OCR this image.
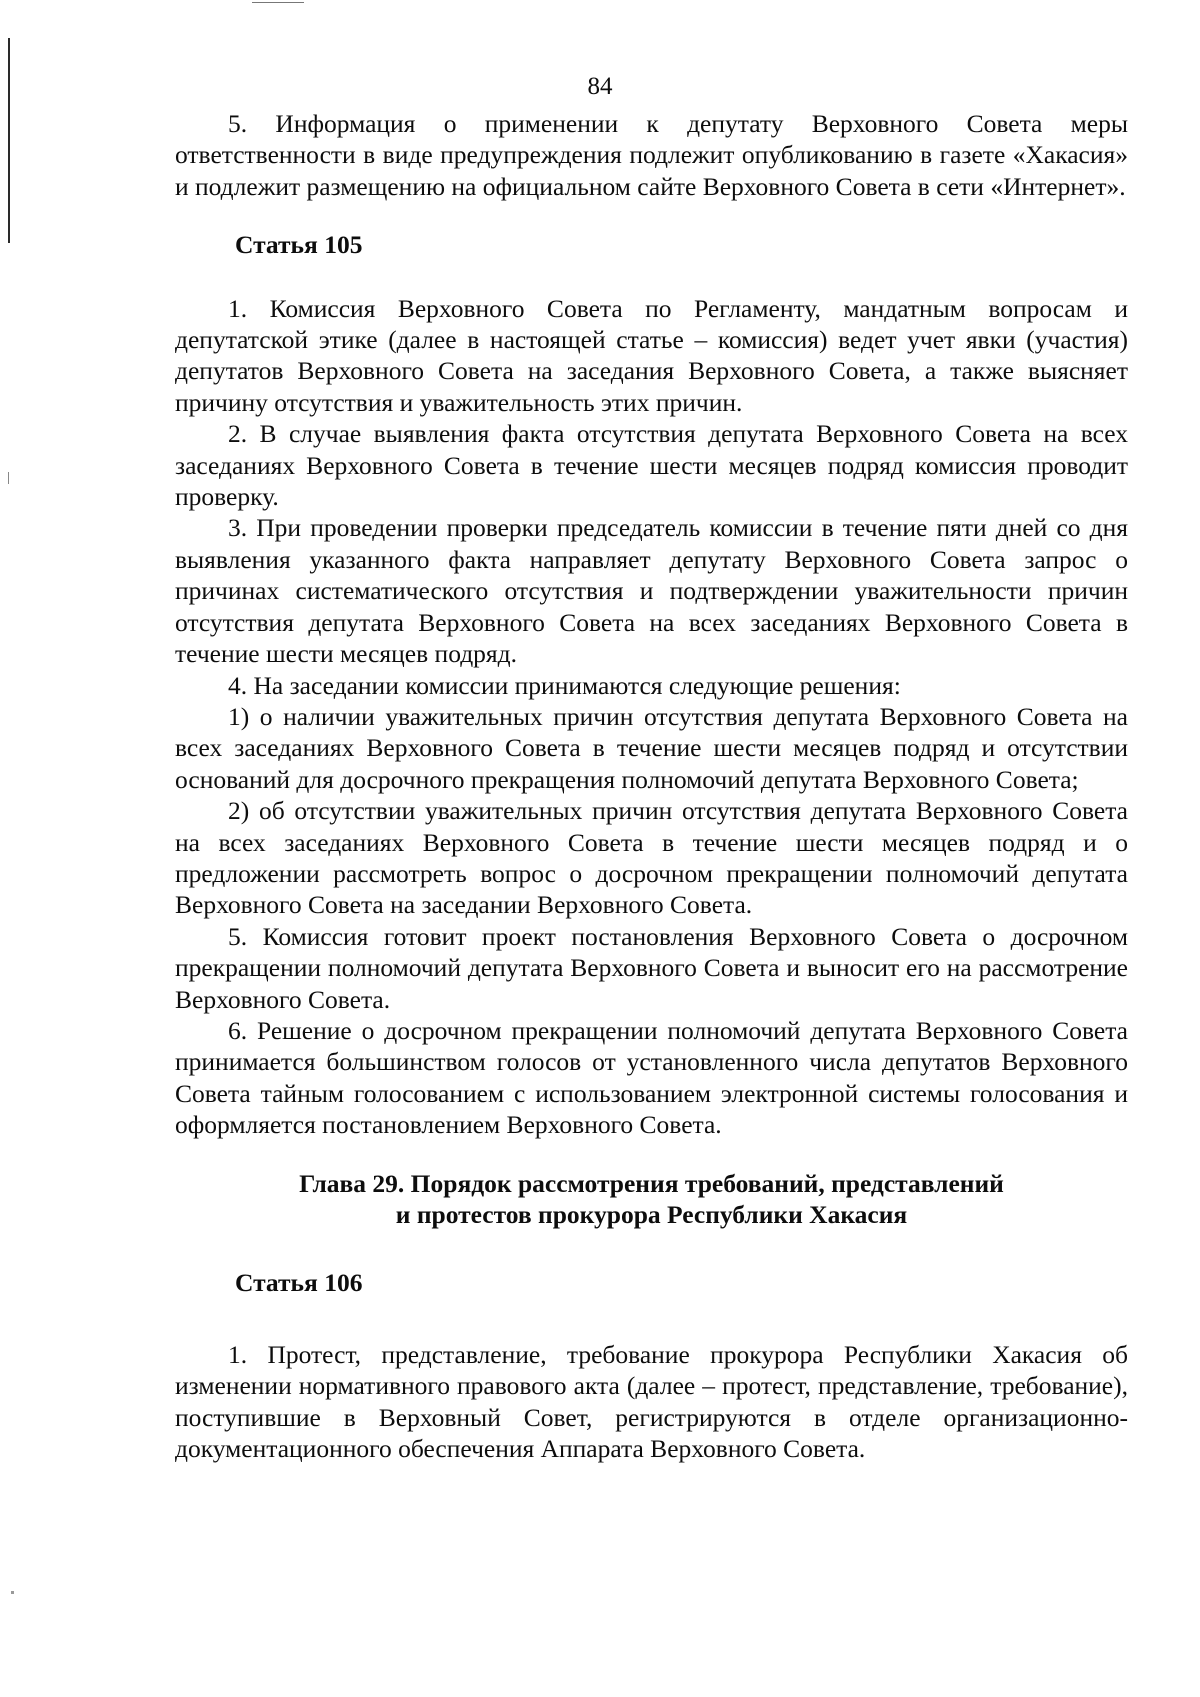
84

5. Информация о применении к депутату Верховного Совета меры ответственности в виде предупреждения подлежит опубликованию в газете «Хакасия» и подлежит размещению на официальном сайте Верховного Совета в сети «Интернет».

Статья 105

1. Комиссия Верховного Совета по Регламенту, мандатным вопросам и депутатской этике (далее в настоящей статье – комиссия) ведет учет явки (участия) депутатов Верховного Совета на заседания Верховного Совета, а также выясняет причину отсутствия и уважительность этих причин.

2. В случае выявления факта отсутствия депутата Верховного Совета на всех заседаниях Верховного Совета в течение шести месяцев подряд комиссия проводит проверку.

3. При проведении проверки председатель комиссии в течение пяти дней со дня выявления указанного факта направляет депутату Верховного Совета запрос о причинах систематического отсутствия и подтверждении уважительности причин отсутствия депутата Верховного Совета на всех заседаниях Верховного Совета в течение шести месяцев подряд.

4. На заседании комиссии принимаются следующие решения:

1) о наличии уважительных причин отсутствия депутата Верховного Совета на всех заседаниях Верховного Совета в течение шести месяцев подряд и отсутствии оснований для досрочного прекращения полномочий депутата Верховного Совета;

2) об отсутствии уважительных причин отсутствия депутата Верховного Совета на всех заседаниях Верховного Совета в течение шести месяцев подряд и о предложении рассмотреть вопрос о досрочном прекращении полномочий депутата Верховного Совета на заседании Верховного Совета.

5. Комиссия готовит проект постановления Верховного Совета о досрочном прекращении полномочий депутата Верховного Совета и выносит его на рассмотрение Верховного Совета.

6. Решение о досрочном прекращении полномочий депутата Верховного Совета принимается большинством голосов от установленного числа депутатов Верховного Совета тайным голосованием с использованием электронной системы голосования и оформляется постановлением Верховного Совета.

Глава 29. Порядок рассмотрения требований, представлений

и протестов прокурора Республики Хакасия

Статья 106

1. Протест, представление, требование прокурора Республики Хакасия об изменении нормативного правового акта (далее – протест, представление, требование), поступившие в Верховный Совет, регистрируются в отделе организационно-документационного обеспечения Аппарата Верховного Совета.
